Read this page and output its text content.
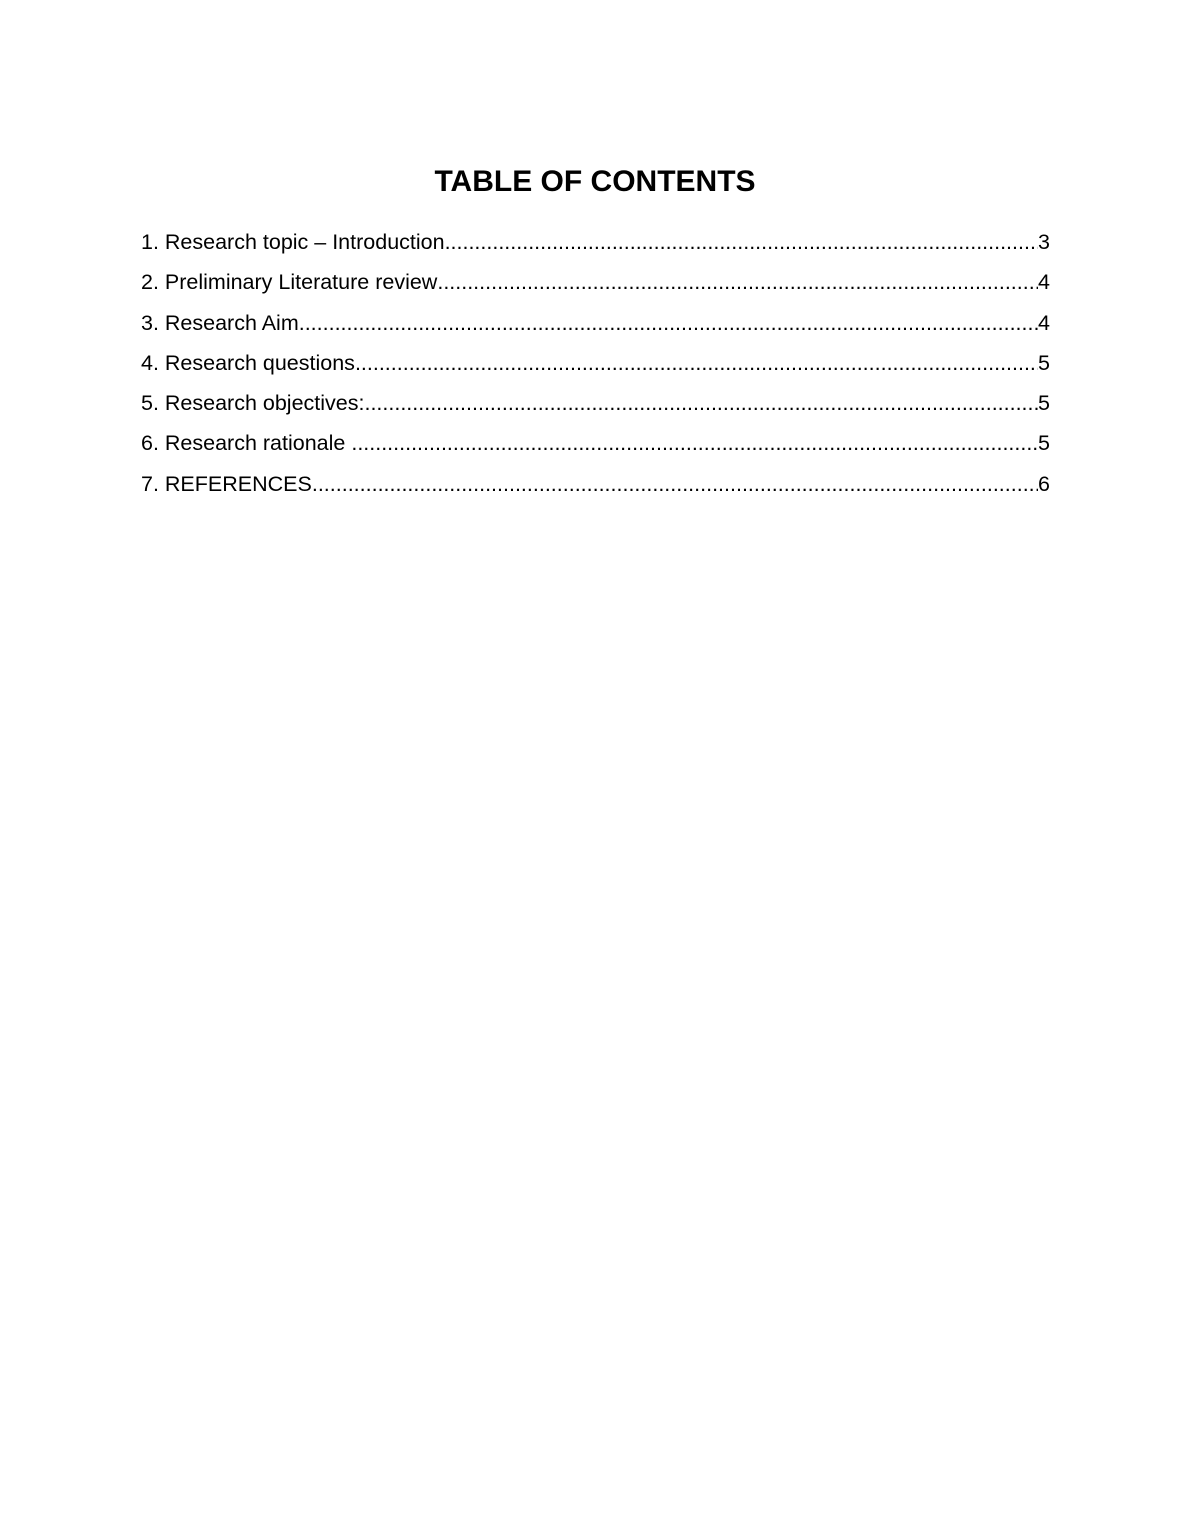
TABLE OF CONTENTS
1. Research topic – Introduction .....	3
2. Preliminary Literature review .....	4
3. Research Aim .....	4
4. Research questions .....	5
5. Research objectives: .....	5
6. Research rationale .....	5
7. REFERENCES .....	6
